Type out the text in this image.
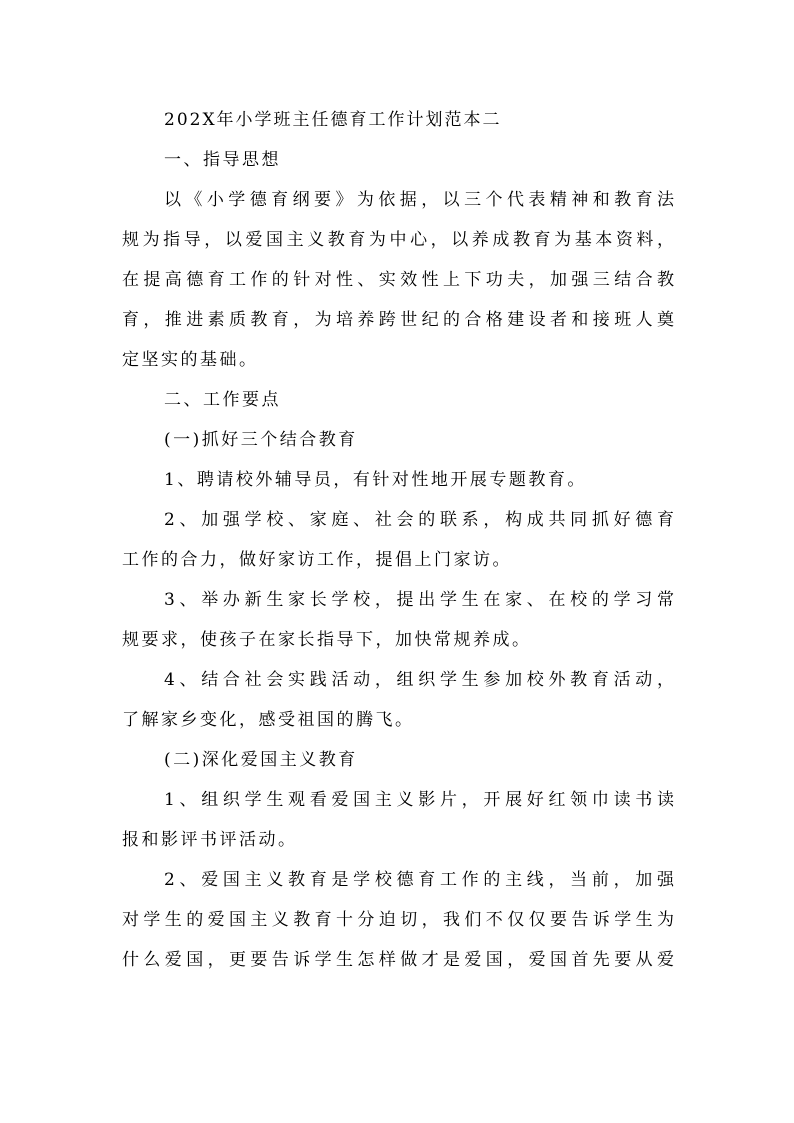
202X年小学班主任德育工作计划范本二
一、指导思想
以《小学德育纲要》为依据，以三个代表精神和教育法
规为指导，以爱国主义教育为中心，以养成教育为基本资料，
在提高德育工作的针对性、实效性上下功夫，加强三结合教
育，推进素质教育，为培养跨世纪的合格建设者和接班人奠
定坚实的基础。
二、工作要点
(一)抓好三个结合教育
1、聘请校外辅导员，有针对性地开展专题教育。
2、加强学校、家庭、社会的联系，构成共同抓好德育
工作的合力，做好家访工作，提倡上门家访。
3、举办新生家长学校，提出学生在家、在校的学习常
规要求，使孩子在家长指导下，加快常规养成。
4、结合社会实践活动，组织学生参加校外教育活动，
了解家乡变化，感受祖国的腾飞。
(二)深化爱国主义教育
1、组织学生观看爱国主义影片，开展好红领巾读书读
报和影评书评活动。
2、爱国主义教育是学校德育工作的主线，当前，加强
对学生的爱国主义教育十分迫切，我们不仅仅要告诉学生为
什么爱国，更要告诉学生怎样做才是爱国，爱国首先要从爱
